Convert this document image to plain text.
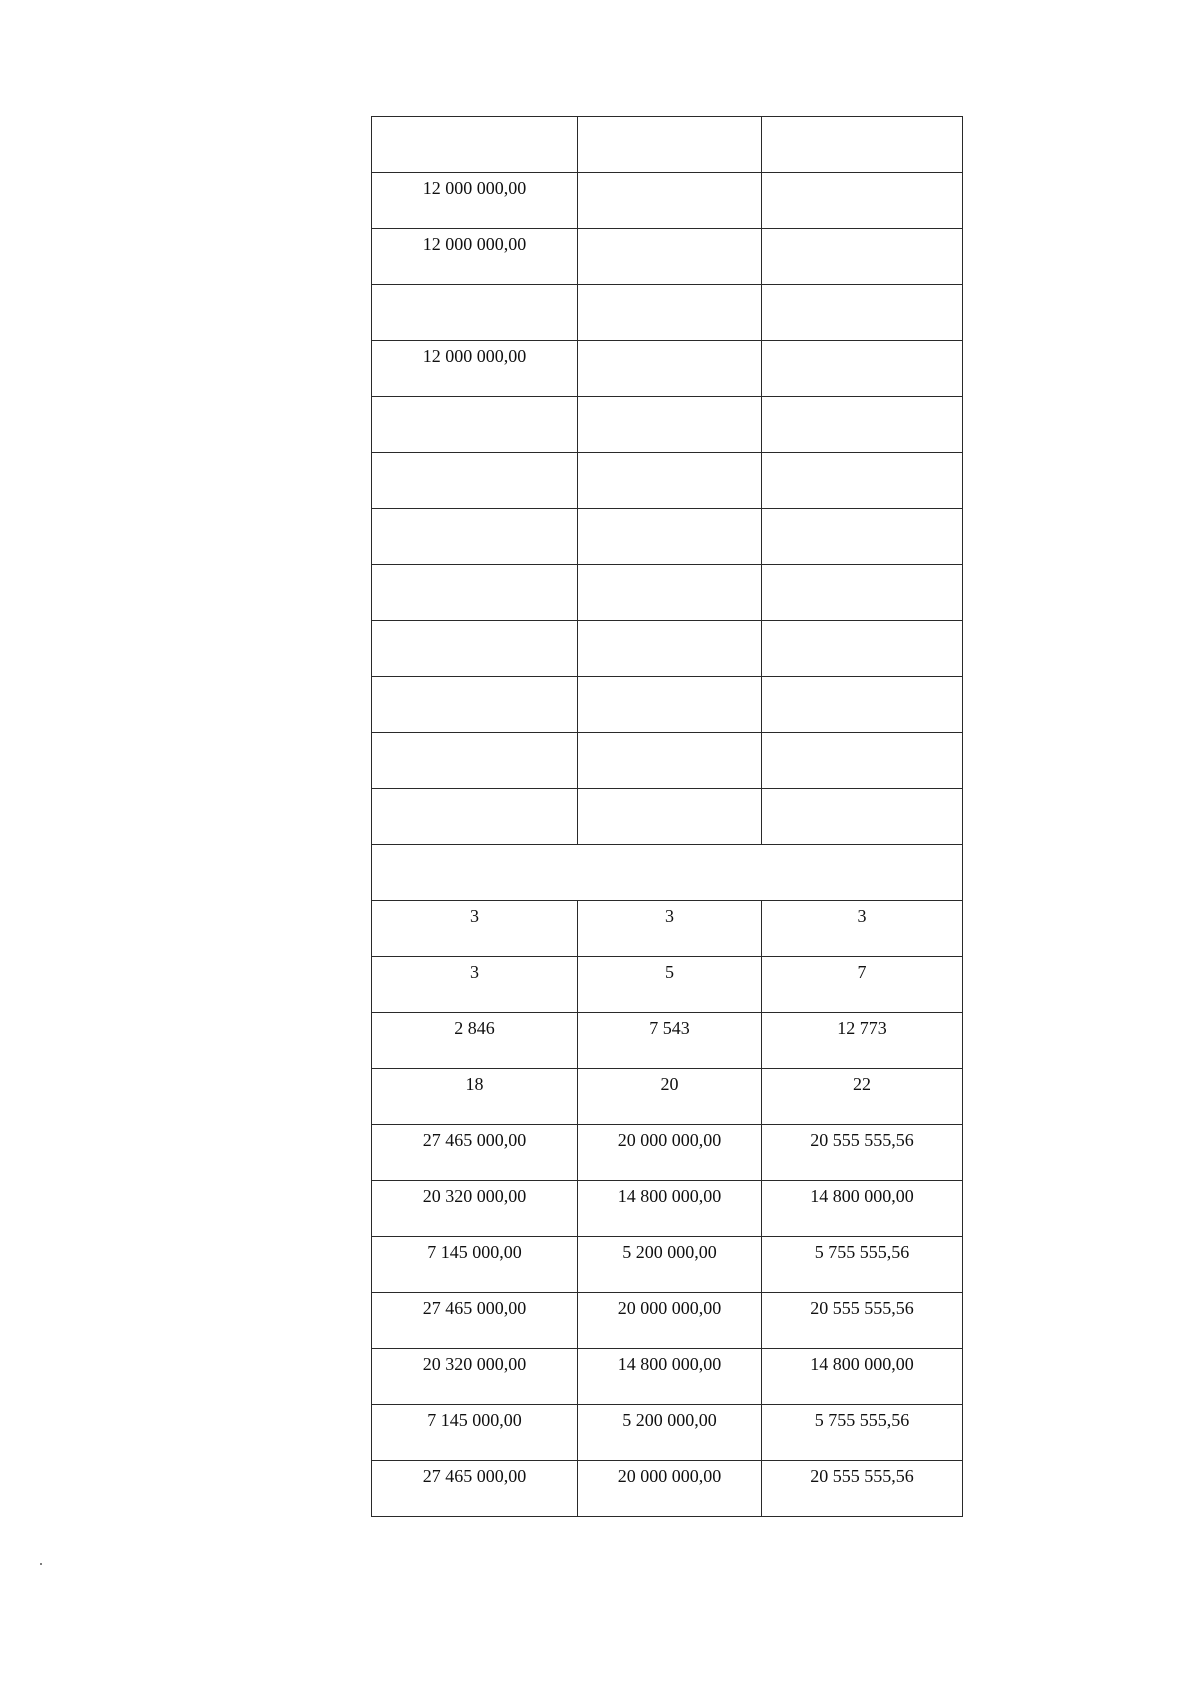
12 000 000,00		

12 000 000,00		

12 000 000,00		

3	3	3

3	5	7

2 846	7 543	12 773

18	20	22

27 465 000,00	20 000 000,00	20 555 555,56

20 320 000,00	14 800 000,00	14 800 000,00

7 145 000,00	5 200 000,00	5 755 555,56

27 465 000,00	20 000 000,00	20 555 555,56

20 320 000,00	14 800 000,00	14 800 000,00

7 145 000,00	5 200 000,00	5 755 555,56

27 465 000,00	20 000 000,00	20 555 555,56
